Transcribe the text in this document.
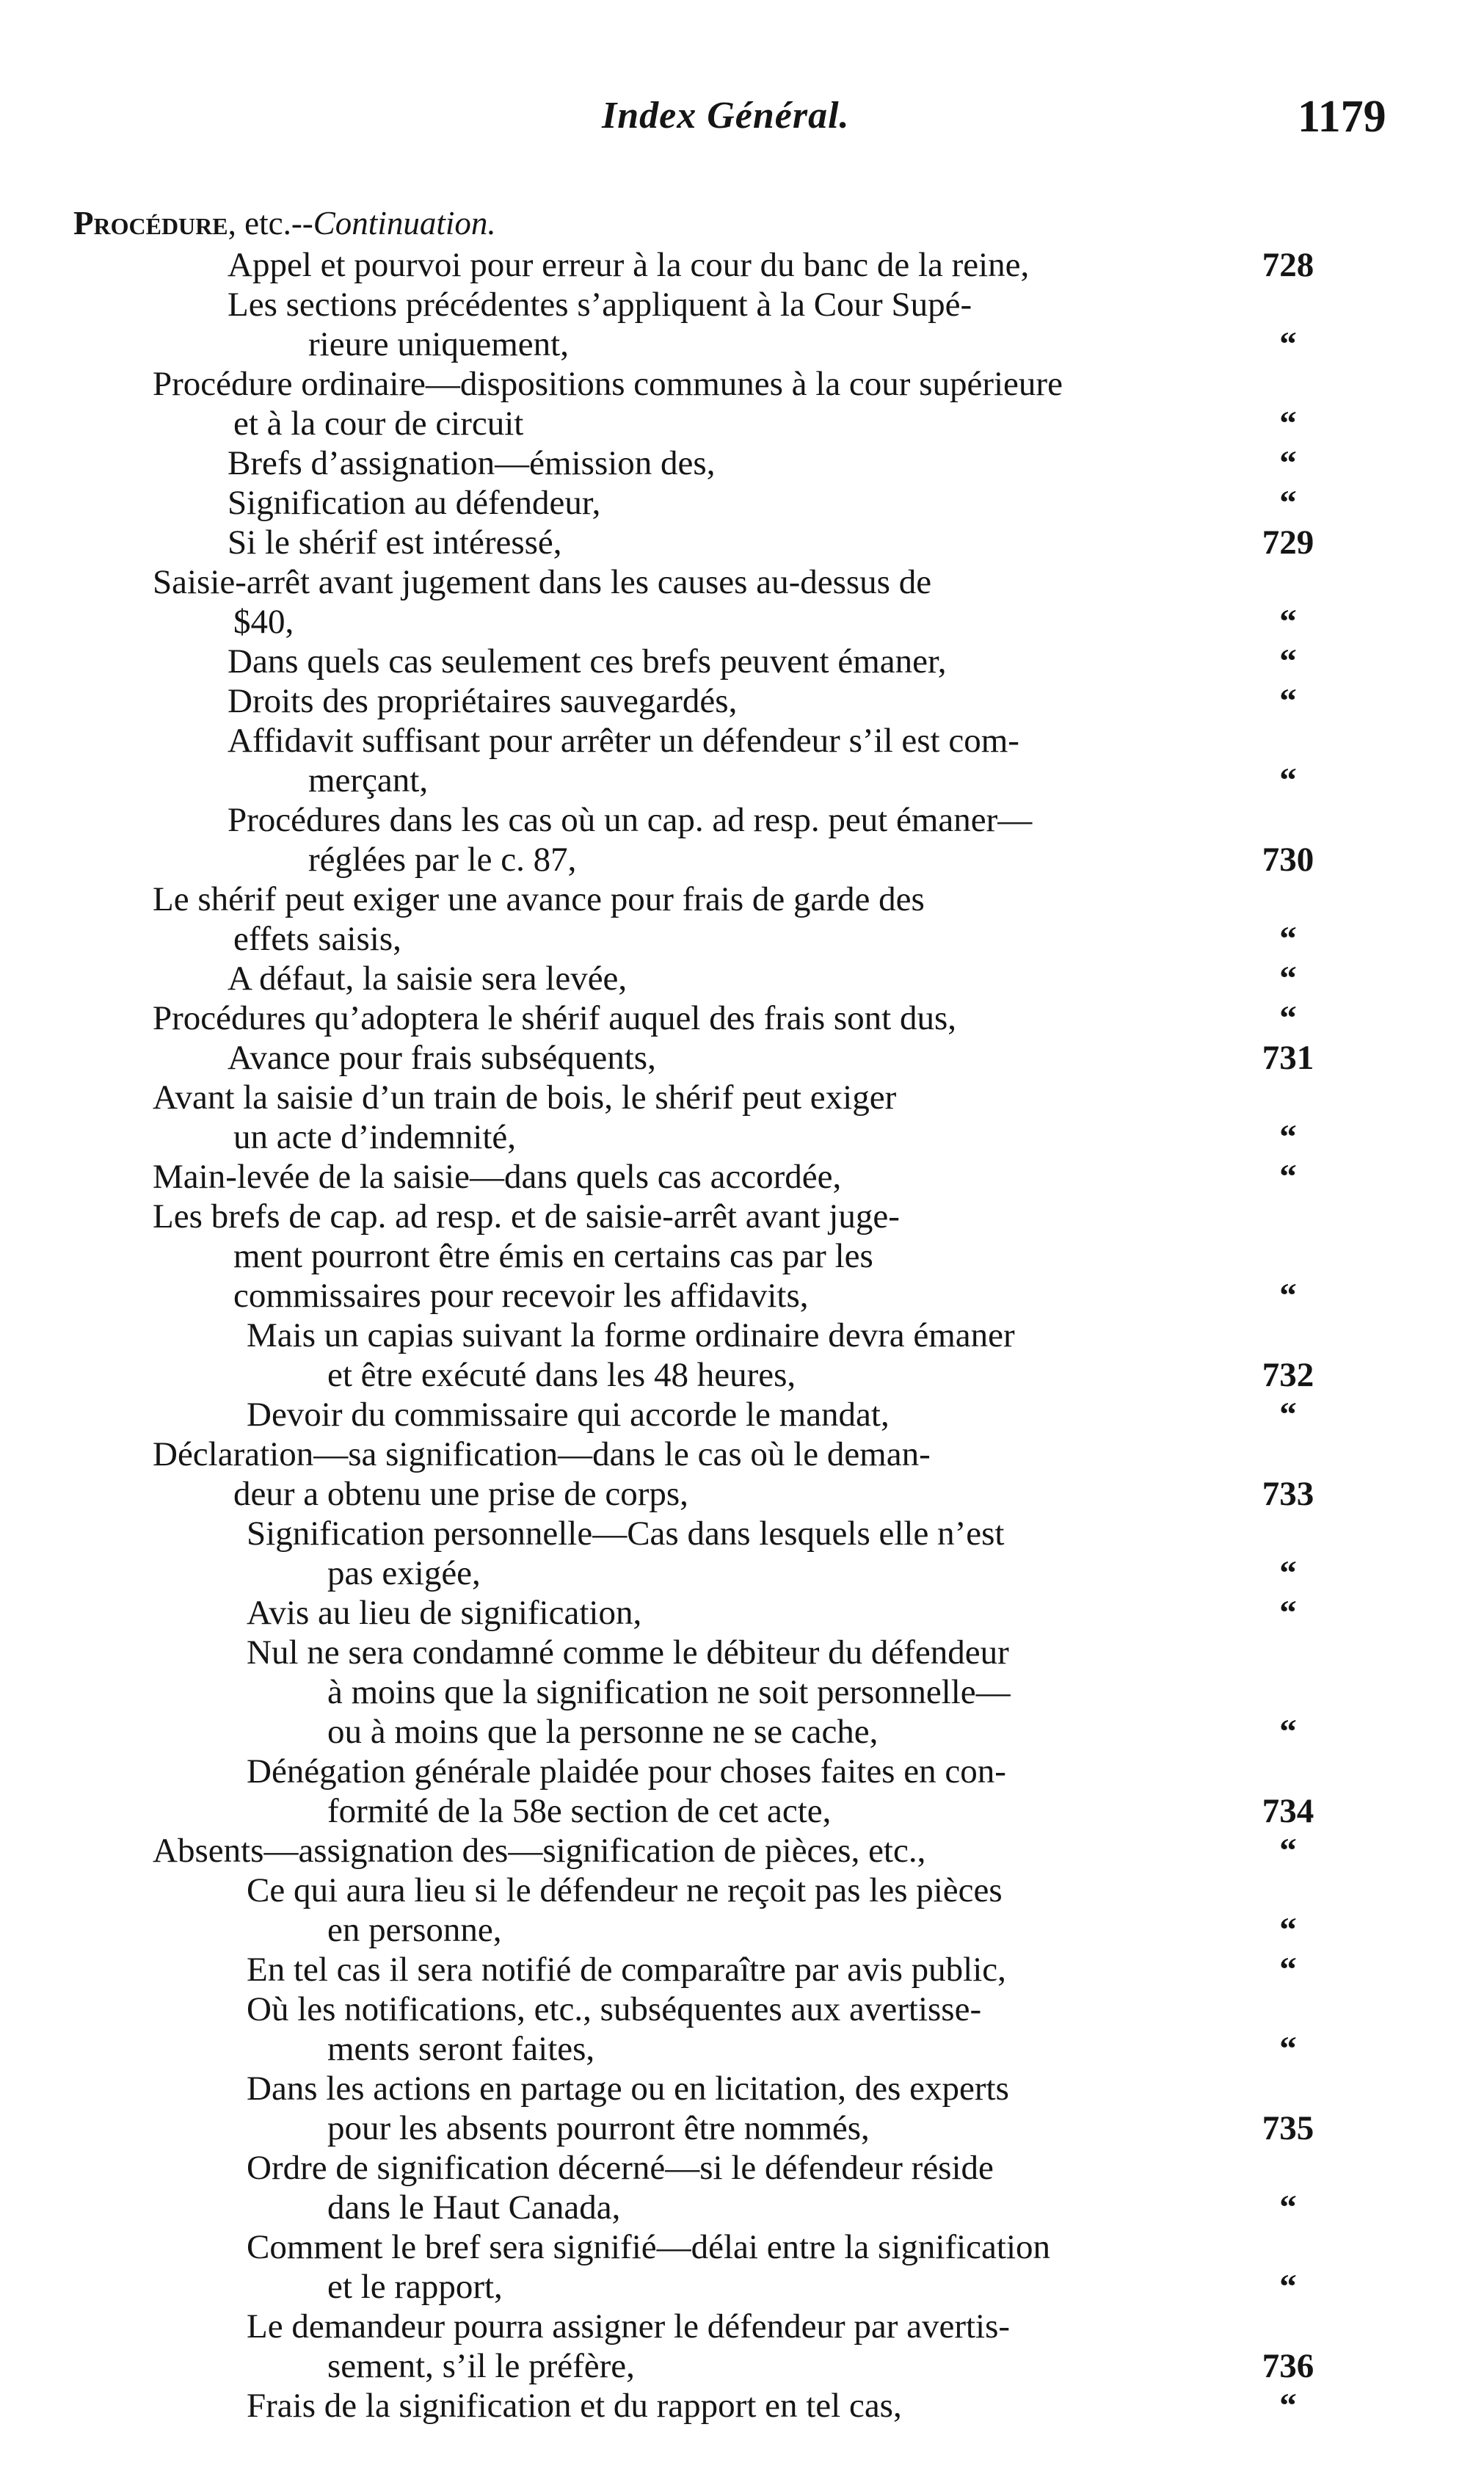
Index Général.	1179
Procédure, etc.--Continuation.
Appel et pourvoi pour erreur à la cour du banc de la reine,	728
Les sections précédentes s’appliquent à la Cour Supé-
rieure uniquement,	“
Procédure ordinaire—dispositions communes à la cour supérieure
et à la cour de circuit	“
Brefs d’assignation—émission des,	“
Signification au défendeur,	“
Si le shérif est intéressé,	729
Saisie-arrêt avant jugement dans les causes au-dessus de
$40,	“
Dans quels cas seulement ces brefs peuvent émaner,	“
Droits des propriétaires sauvegardés,	“
Affidavit suffisant pour arrêter un défendeur s’il est com-
merçant,	“
Procédures dans les cas où un cap. ad resp. peut émaner—
réglées par le c. 87,	730
Le shérif peut exiger une avance pour frais de garde des
effets saisis,	“
A défaut, la saisie sera levée,	“
Procédures qu’adoptera le shérif auquel des frais sont dus,	“
Avance pour frais subséquents,	731
Avant la saisie d’un train de bois, le shérif peut exiger
un acte d’indemnité,	“
Main-levée de la saisie—dans quels cas accordée,	“
Les brefs de cap. ad resp. et de saisie-arrêt avant juge-
ment pourront être émis en certains cas par les
commissaires pour recevoir les affidavits,	“
Mais un capias suivant la forme ordinaire devra émaner
et être exécuté dans les 48 heures,	732
Devoir du commissaire qui accorde le mandat,	“
Déclaration—sa signification—dans le cas où le deman-
deur a obtenu une prise de corps,	733
Signification personnelle—Cas dans lesquels elle n’est
pas exigée,	“
Avis au lieu de signification,	“
Nul ne sera condamné comme le débiteur du défendeur
à moins que la signification ne soit personnelle—
ou à moins que la personne ne se cache,	“
Dénégation générale plaidée pour choses faites en con-
formité de la 58e section de cet acte,	734
Absents—assignation des—signification de pièces, etc.,	“
Ce qui aura lieu si le défendeur ne reçoit pas les pièces
en personne,	“
En tel cas il sera notifié de comparaître par avis public,	“
Où les notifications, etc., subséquentes aux avertisse-
ments seront faites,	“
Dans les actions en partage ou en licitation, des experts
pour les absents pourront être nommés,	735
Ordre de signification décerné—si le défendeur réside
dans le Haut Canada,	“
Comment le bref sera signifié—délai entre la signification
et le rapport,	“
Le demandeur pourra assigner le défendeur par avertis-
sement, s’il le préfère,	736
Frais de la signification et du rapport en tel cas,	“
